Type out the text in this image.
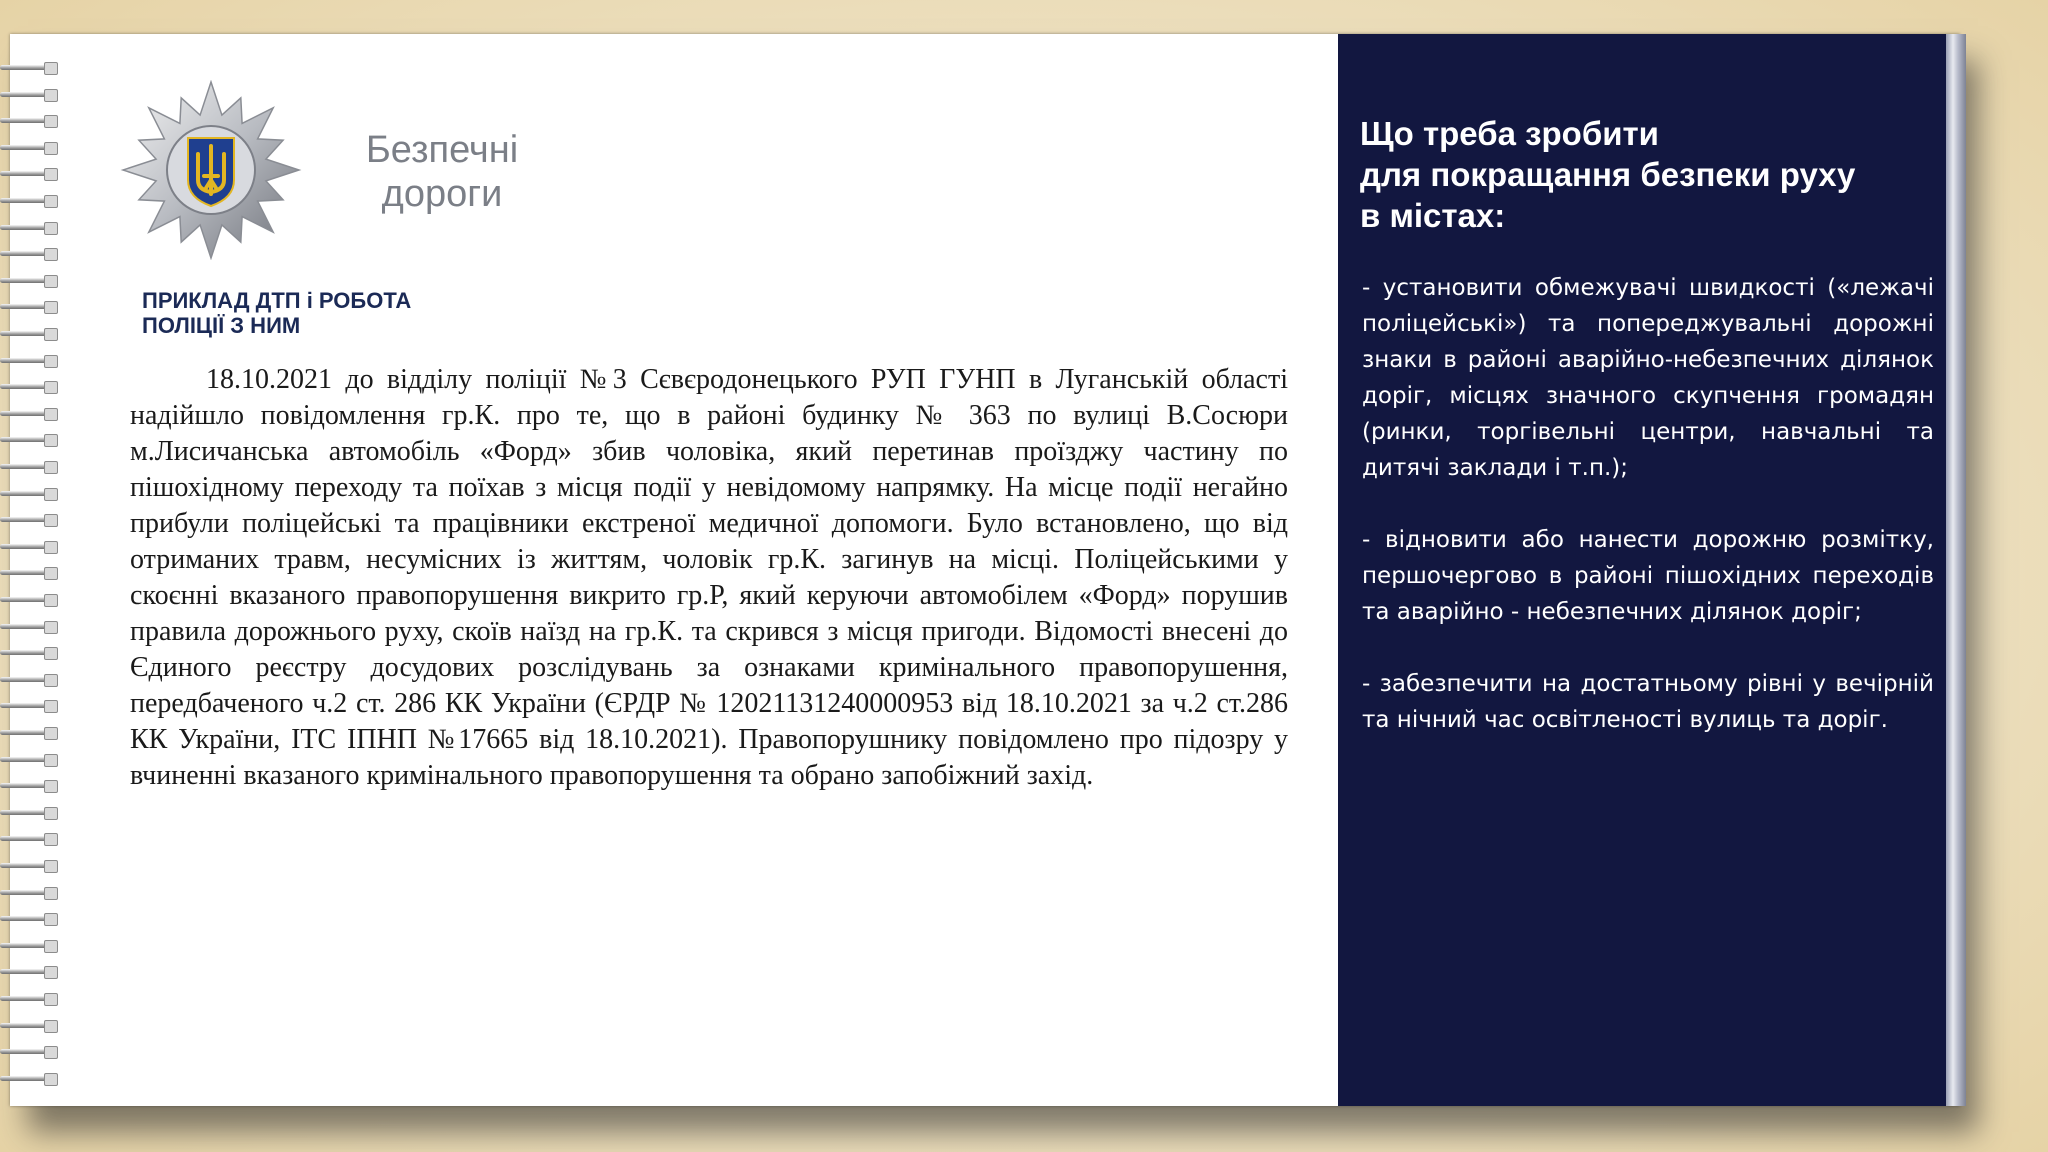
Безпечні
дороги
ПРИКЛАД ДТП і РОБОТА
ПОЛІЦІЇ З НИМ
18.10.2021 до відділу поліції №3 Сєвєродонецького РУП ГУНП в Луганській області надійшло повідомлення гр.К. про те, що в районі будинку № 363 по вулиці В.Сосюри м.Лисичанська автомобіль «Форд» збив чоловіка, який перетинав проїзджу частину по пішохідному переходу та поїхав з місця події у невідомому напрямку. На місце події негайно прибули поліцейські та працівники екстреної медичної допомоги. Було встановлено, що від отриманих травм, несумісних із життям, чоловік гр.К. загинув на місці. Поліцейськими у скоєнні вказаного правопорушення викрито гр.Р, який керуючи автомобілем «Форд» порушив правила дорожнього руху, скоїв наїзд на гр.К. та скрився з місця пригоди. Відомості внесені до Єдиного реєстру досудових розслідувань за ознаками кримінального правопорушення, передбаченого ч.2 ст. 286 КК України (ЄРДР № 12021131240000953 від 18.10.2021 за ч.2 ст.286 КК України, ІТС ІПНП №17665 від 18.10.2021). Правопорушнику повідомлено про підозру у вчиненні вказаного кримінального правопорушення та обрано запобіжний захід.
Що треба зробити
для покращання безпеки руху
в містах:
- установити обмежувачі швидкості («лежачі поліцейські») та попереджувальні дорожні знаки в районі аварійно-небезпечних ділянок доріг, місцях значного скупчення громадян (ринки, торгівельні центри, навчальні та дитячі заклади і т.п.);
- відновити або нанести дорожню розмітку, першочергово в районі пішохідних переходів та аварійно - небезпечних ділянок доріг;
- забезпечити на достатньому рівні у вечірній та нічний час освітленості вулиць та доріг.
